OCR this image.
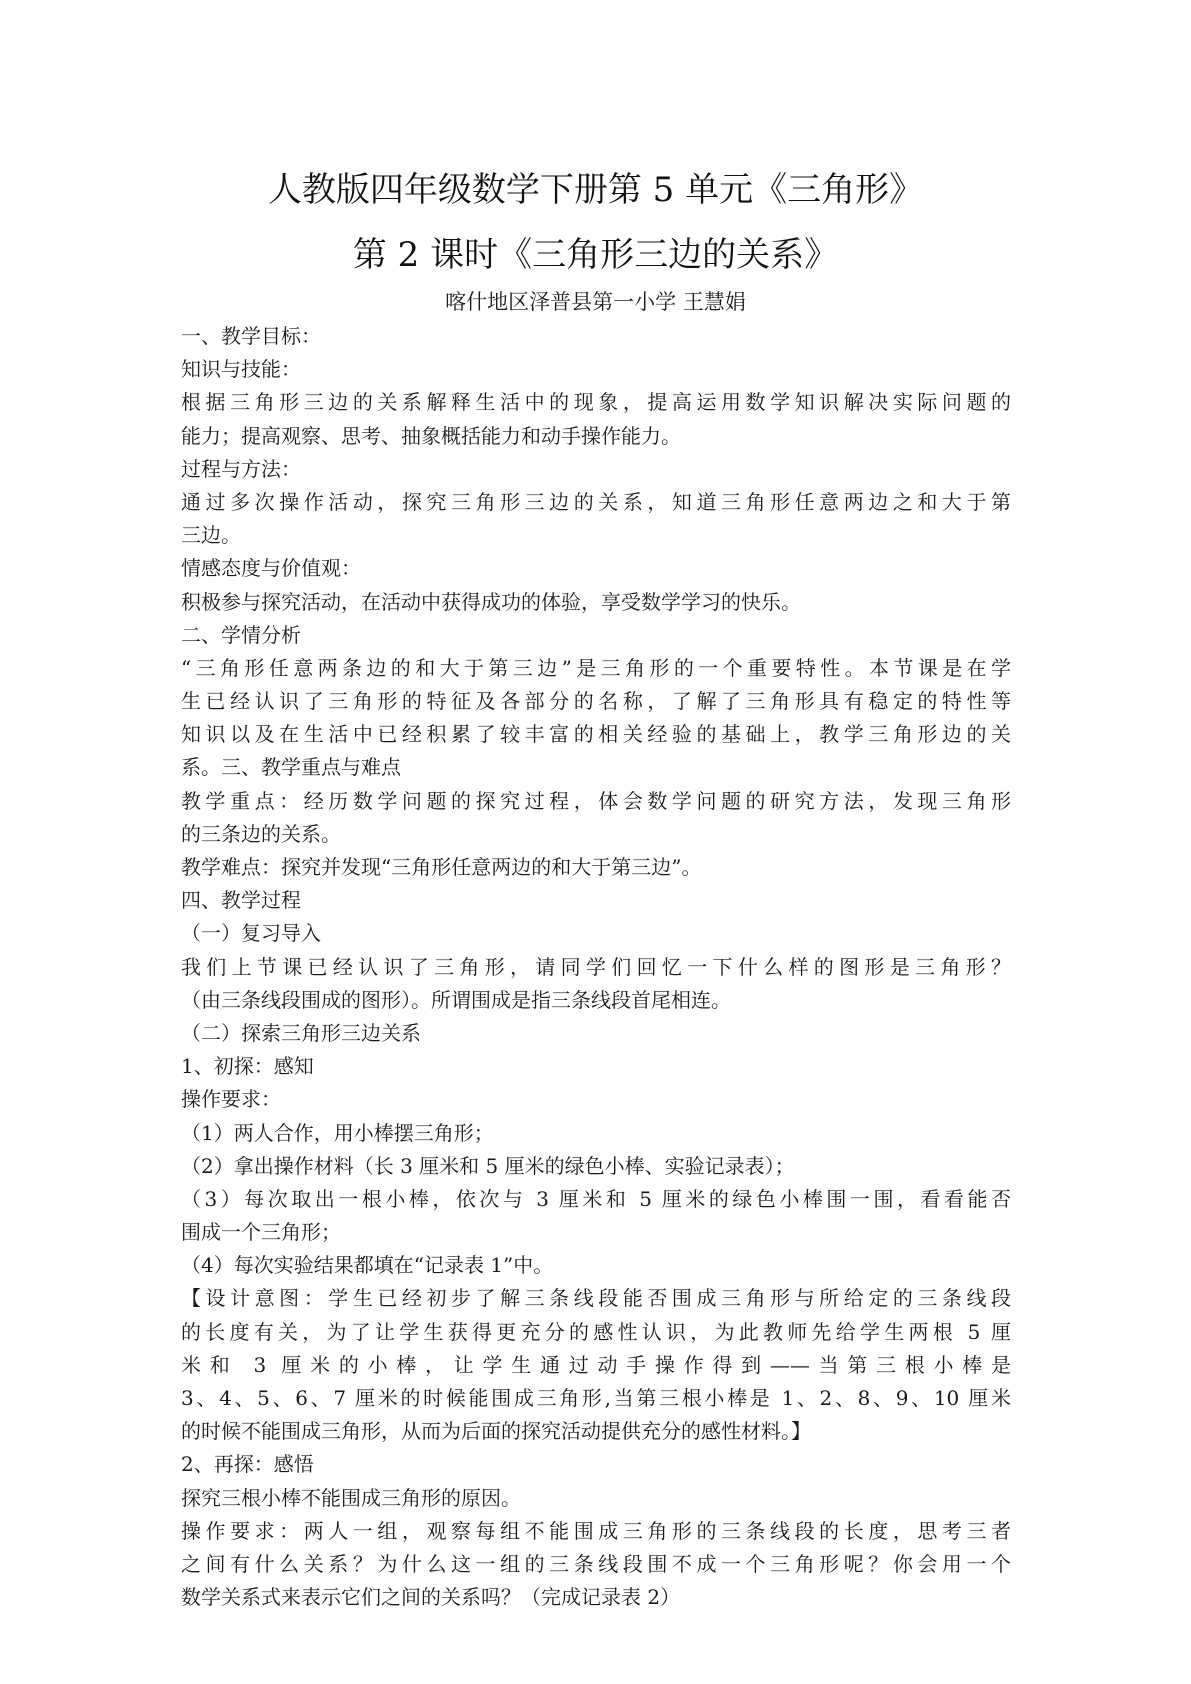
人教版四年级数学下册第 5 单元《三角形》
第 2 课时《三角形三边的关系》
喀什地区泽普县第一小学 王慧娟
一、教学目标：
知识与技能：
根据三角形三边的关系解释生活中的现象，提高运用数学知识解决实际问题的
能力；提高观察、思考、抽象概括能力和动手操作能力。
过程与方法：
通过多次操作活动，探究三角形三边的关系，知道三角形任意两边之和大于第
三边。
情感态度与价值观：
积极参与探究活动，在活动中获得成功的体验，享受数学学习的快乐。
二、学情分析
“三角形任意两条边的和大于第三边”是三角形的一个重要特性。本节课是在学
生已经认识了三角形的特征及各部分的名称，了解了三角形具有稳定的特性等
知识以及在生活中已经积累了较丰富的相关经验的基础上，教学三角形边的关
系。三、教学重点与难点
教学重点：经历数学问题的探究过程，体会数学问题的研究方法，发现三角形
的三条边的关系。
教学难点：探究并发现“三角形任意两边的和大于第三边”。
四、教学过程
（一）复习导入
我们上节课已经认识了三角形，请同学们回忆一下什么样的图形是三角形？
（由三条线段围成的图形）。所谓围成是指三条线段首尾相连。
（二）探索三角形三边关系
1、初探：感知
操作要求：
（1）两人合作，用小棒摆三角形；
（2）拿出操作材料（长 3 厘米和 5 厘米的绿色小棒、实验记录表）；
（3）每次取出一根小棒，依次与 3 厘米和 5 厘米的绿色小棒围一围，看看能否
围成一个三角形；
（4）每次实验结果都填在“记录表 1”中。
【设计意图：学生已经初步了解三条线段能否围成三角形与所给定的三条线段
的长度有关，为了让学生获得更充分的感性认识，为此教师先给学生两根 5 厘
米和 3 厘米的小棒，让学生通过动手操作得到——当第三根小棒是
3、4、5、6、7 厘米的时候能围成三角形,当第三根小棒是 1、2、8、9、10 厘米
的时候不能围成三角形，从而为后面的探究活动提供充分的感性材料。】
2、再探：感悟
探究三根小棒不能围成三角形的原因。
操作要求：两人一组，观察每组不能围成三角形的三条线段的长度，思考三者
之间有什么关系？为什么这一组的三条线段围不成一个三角形呢？你会用一个
数学关系式来表示它们之间的关系吗？（完成记录表 2）
